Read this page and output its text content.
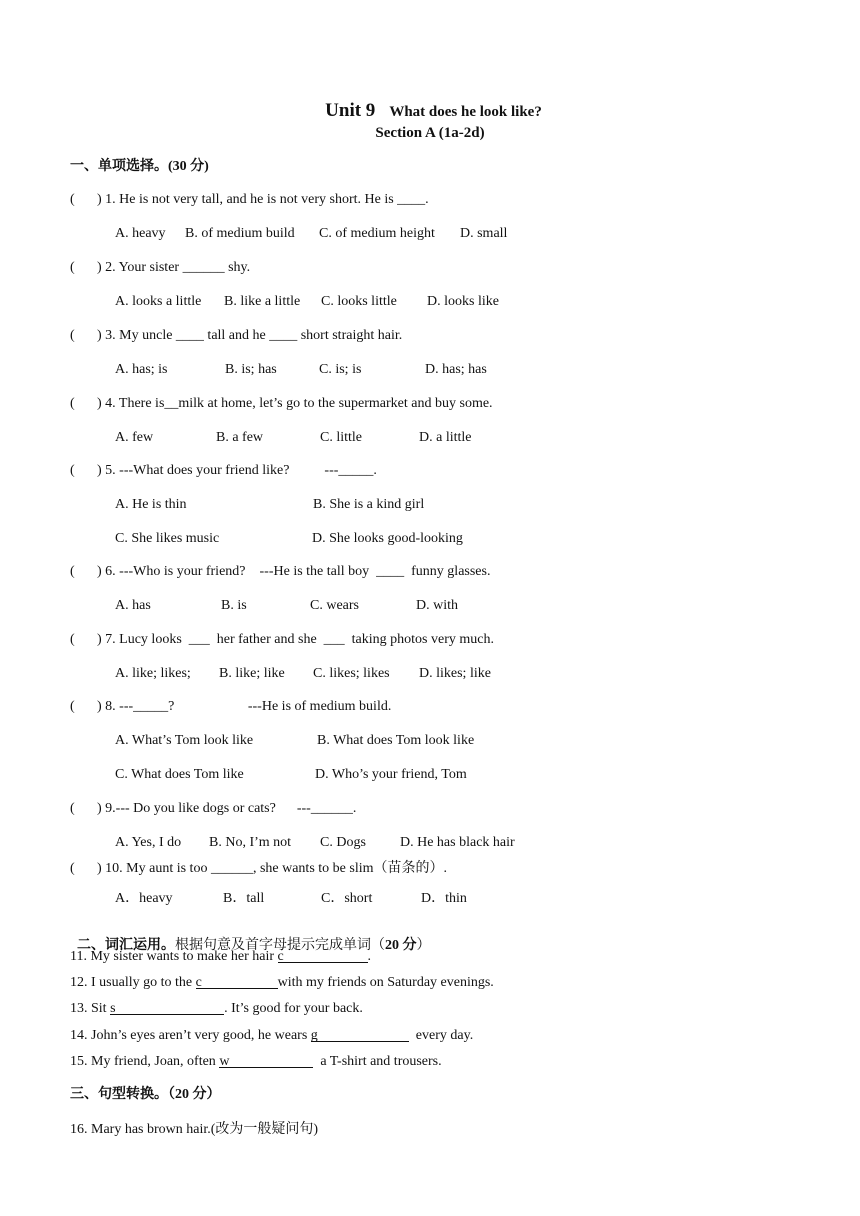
Unit 9 What does he look like?

Section A (1a-2d)
一、单项选择。(30 分)
( ) 1. He is not very tall, and he is not very short. He is ____.
A. heavy B. of medium build C. of medium height D. small
( ) 2. Your sister ______ shy.
A. looks a little B. like a little C. looks little D. looks like
( ) 3. My uncle ____ tall and he ____ short straight hair.
A. has; is	B. is; has	C. is; is	D. has; has
( ) 4. There is__milk at home, let’s go to the supermarket and buy some.
A. few	B. a few	C. little	D. a little
( ) 5. ---What does your friend like?          ---_____.
A. He is thin	B. She is a kind girl
C. She likes music	D. She looks good-looking
( ) 6. ---Who is your friend?    ---He is the tall boy  ____  funny glasses.
A. has	B. is	C. wears	D. with
( ) 7. Lucy looks  ___  her father and she  ___  taking photos very much.
A. like; likes; B. like; like C. likes; likes D. likes; like
( ) 8. ---_____?                     ---He is of medium build.
A. What’s Tom look like	B. What does Tom look like
C. What does Tom like	D. Who’s your friend, Tom
( ) 9.--- Do you like dogs or cats?      ---______.
A. Yes, I do B. No, I’m not C. Dogs D. He has black hair
( ) 10. My aunt is too ______, she wants to be slim（苗条的）.
A．heavy	B．tall	C．short	D．thin

二、词汇运用。根据句意及首字母提示完成单词（20 分）

11. My sister wants to make her hair c	.
12. I usually go to the c	with my friends on Saturday evenings.
13. Sit s	. It’s good for your back.
14. John’s eyes aren’t very good, he wears g	every day.
15. My friend, Joan, often w	a T-shirt and trousers.
三、句型转换。（20 分）
16. Mary has brown hair.(改为一般疑问句)
